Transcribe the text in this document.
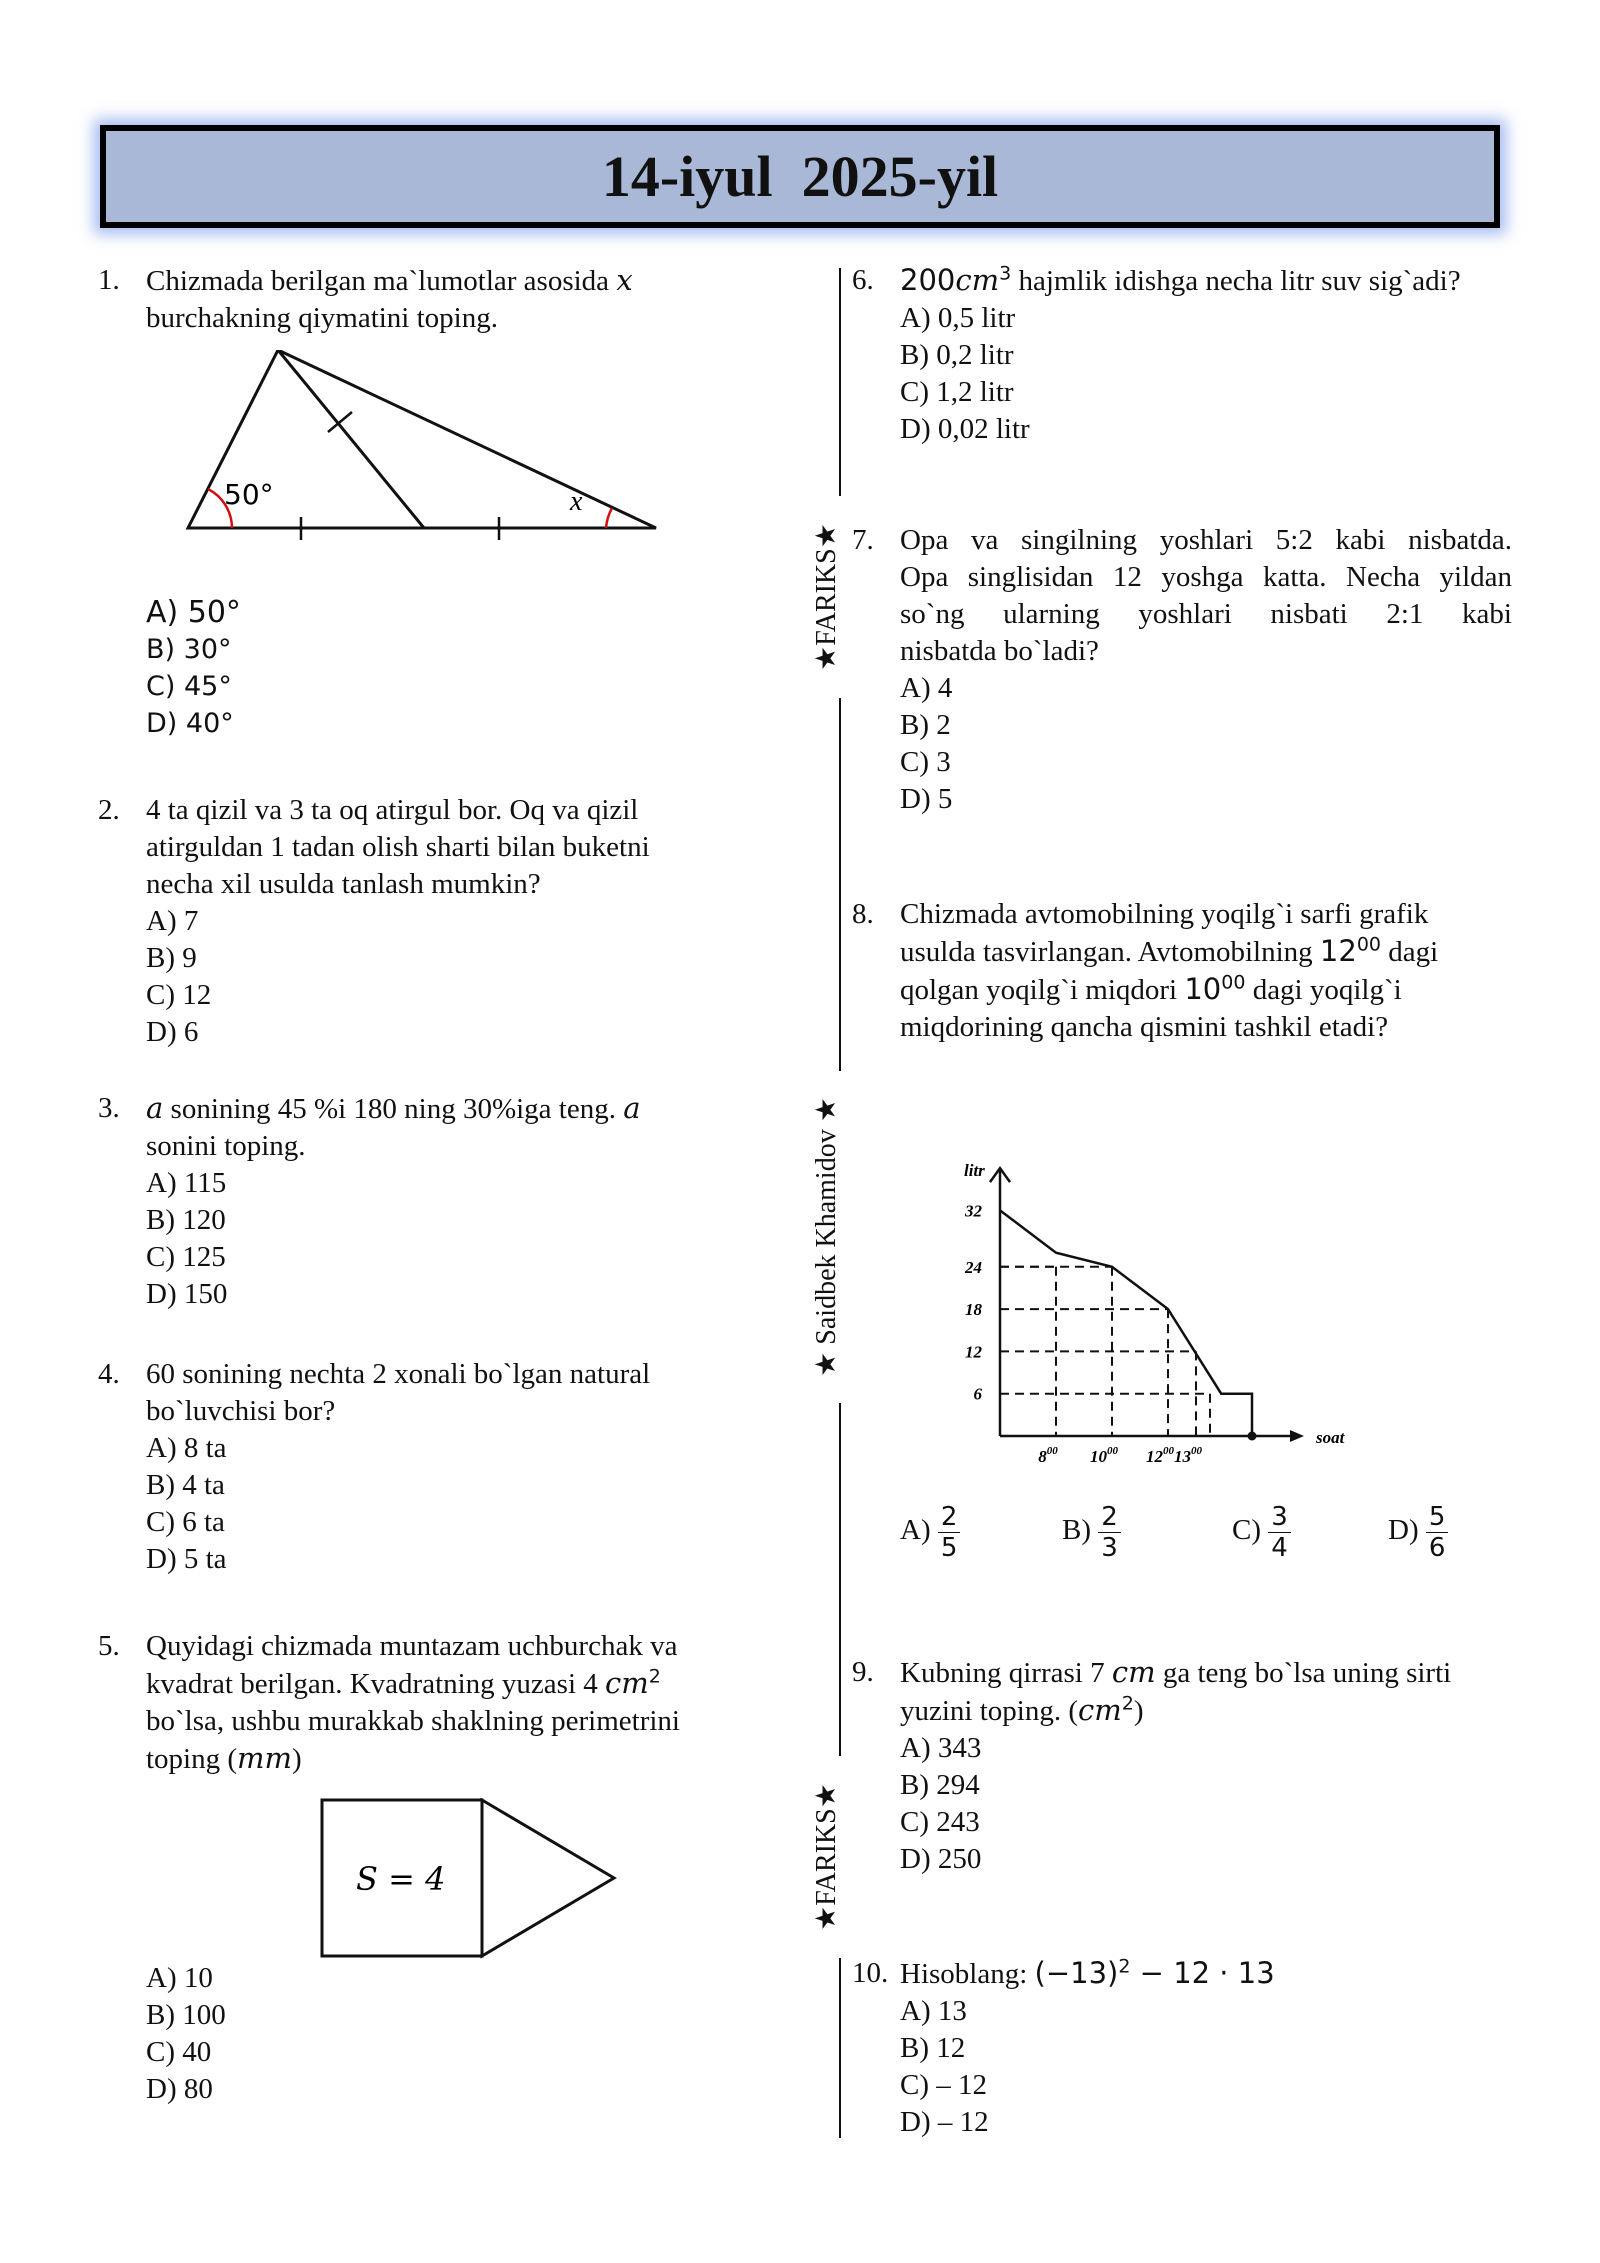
14-iyul  2025-yil
★FARIKS★
★ Saidbek Khamidov ★
★FARIKS★
1. Chizmada berilgan ma`lumotlar asosida x
burchakning qiymatini toping.
50°	x
A) 50°
B) 30°
C) 45°
D) 40°
2. 4 ta qizil va 3 ta oq atirgul bor. Oq va qizil
atirguldan 1 tadan olish sharti bilan buketni
necha xil usulda tanlash mumkin?
A) 7
B) 9
C) 12
D) 6
3. a sonining 45 %i 180 ning 30%iga teng. a
sonini toping.
A) 115
B) 120
C) 125
D) 150
4. 60 sonining nechta 2 xonali bo`lgan natural
bo`luvchisi bor?
A) 8 ta
B) 4 ta
C) 6 ta
D) 5 ta
5. Quyidagi chizmada muntazam uchburchak va
kvadrat berilgan. Kvadratning yuzasi 4 $cm^2$
bo`lsa, ushbu murakkab shaklning perimetrini
toping (mm)
S = 4
A) 10
B) 100
C) 40
D) 80
6. $200cm^3$ hajmlik idishga necha litr suv sig`adi?
A) 0,5 litr
B) 0,2 litr
C) 1,2 litr
D) 0,02 litr
7. Opa va singilning yoshlari 5:2 kabi nisbatda.
Opa singlisidan 12 yoshga katta. Necha yildan
so`ng ularning yoshlari nisbati 2:1 kabi
nisbatda bo`ladi?
A) 4
B) 2
C) 3
D) 5
8. Chizmada avtomobilning yoqilg`i sarfi grafik
usulda tasvirlangan. Avtomobilning $12^{00}$ dagi
qolgan yoqilg`i miqdori $10^{00}$ dagi yoqilg`i
miqdorining qancha qismini tashkil etadi?
6
12
18
24
32
$8^{00}$ $10^{00}$ $12^{00}$ $13^{00}$
litr
soat
$A) \frac{2}{5}$	$B) \frac{2}{3}$	$C) \frac{3}{4}$	$D) \frac{5}{6}$
9. Kubning qirrasi 7 cm ga teng bo`lsa uning sirti
yuzini toping. $(cm^2)$
A) 343
B) 294
C) 243
D) 250
10. Hisoblang: $(-13)^2 - 12 \cdot 13$
A) 13
B) 12
C) – 12
D) – 12
